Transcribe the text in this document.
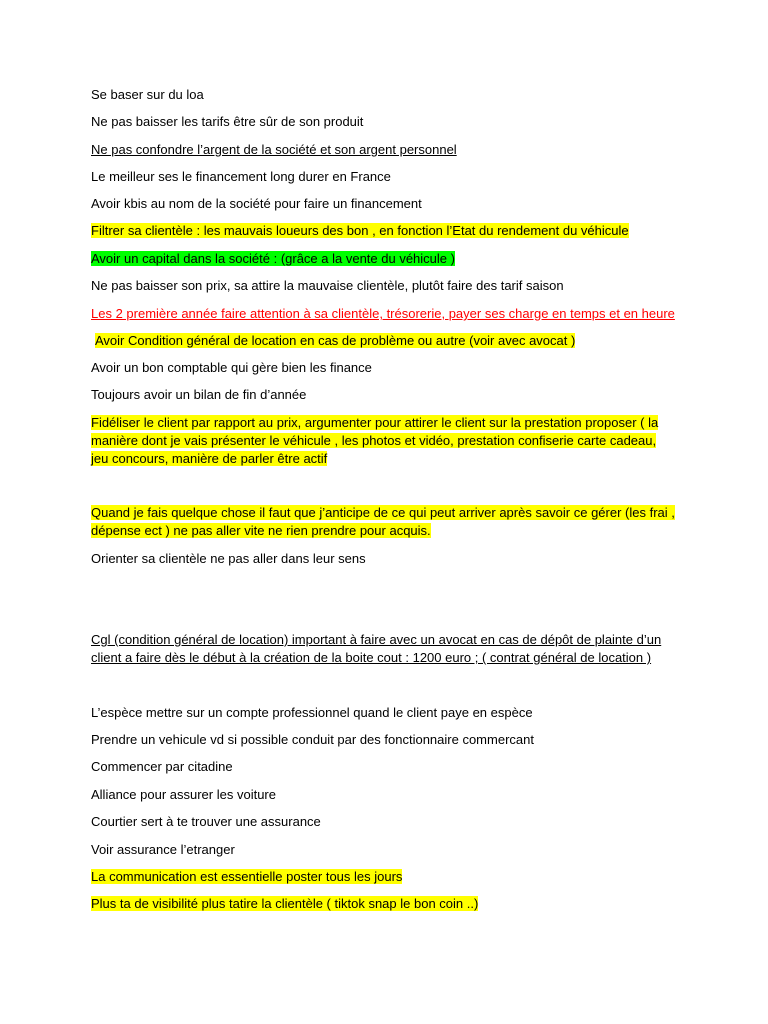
Se baser sur du loa
Ne pas baisser les tarifs être sûr de son produit
Ne pas confondre l’argent de la société et son argent personnel
Le meilleur ses le financement long durer en France
Avoir kbis au nom de la société pour faire un financement
Filtrer sa clientèle : les mauvais loueurs des bon , en fonction l’Etat du rendement du véhicule
Avoir un capital dans la société : (grâce a la vente du véhicule )
Ne pas baisser son prix, sa attire la mauvaise clientèle, plutôt faire des tarif saison
Les 2 première année faire attention à sa clientèle, trésorerie, payer ses charge en temps et en heure
Avoir Condition général de location en cas de problème ou autre (voir avec avocat )
Avoir un bon comptable qui gère bien les finance
Toujours avoir un bilan de fin d’année
Fidéliser le client par rapport au prix, argumenter pour attirer le client sur la prestation proposer ( la
manière dont je vais présenter le véhicule , les photos et vidéo, prestation confiserie carte cadeau,
jeu concours, manière de parler être actif
Quand je fais quelque chose il faut que j’anticipe de ce qui peut arriver après savoir ce gérer (les frai ,
dépense ect ) ne pas aller vite ne rien prendre pour acquis.
Orienter sa clientèle ne pas aller dans leur sens
Cgl (condition général de location) important à faire avec un avocat en cas de dépôt de plainte d’un
client a faire dès le début à la création de la boite cout : 1200 euro ; ( contrat général de location )
L’espèce mettre sur un compte professionnel quand le client paye en espèce
Prendre un vehicule vd si possible conduit par des fonctionnaire commercant
Commencer par citadine
Alliance pour assurer les voiture
Courtier sert à te trouver une assurance
Voir assurance l’etranger
La communication est essentielle poster tous les jours
Plus ta de visibilité plus tatire la clientèle ( tiktok snap le bon coin ..)
